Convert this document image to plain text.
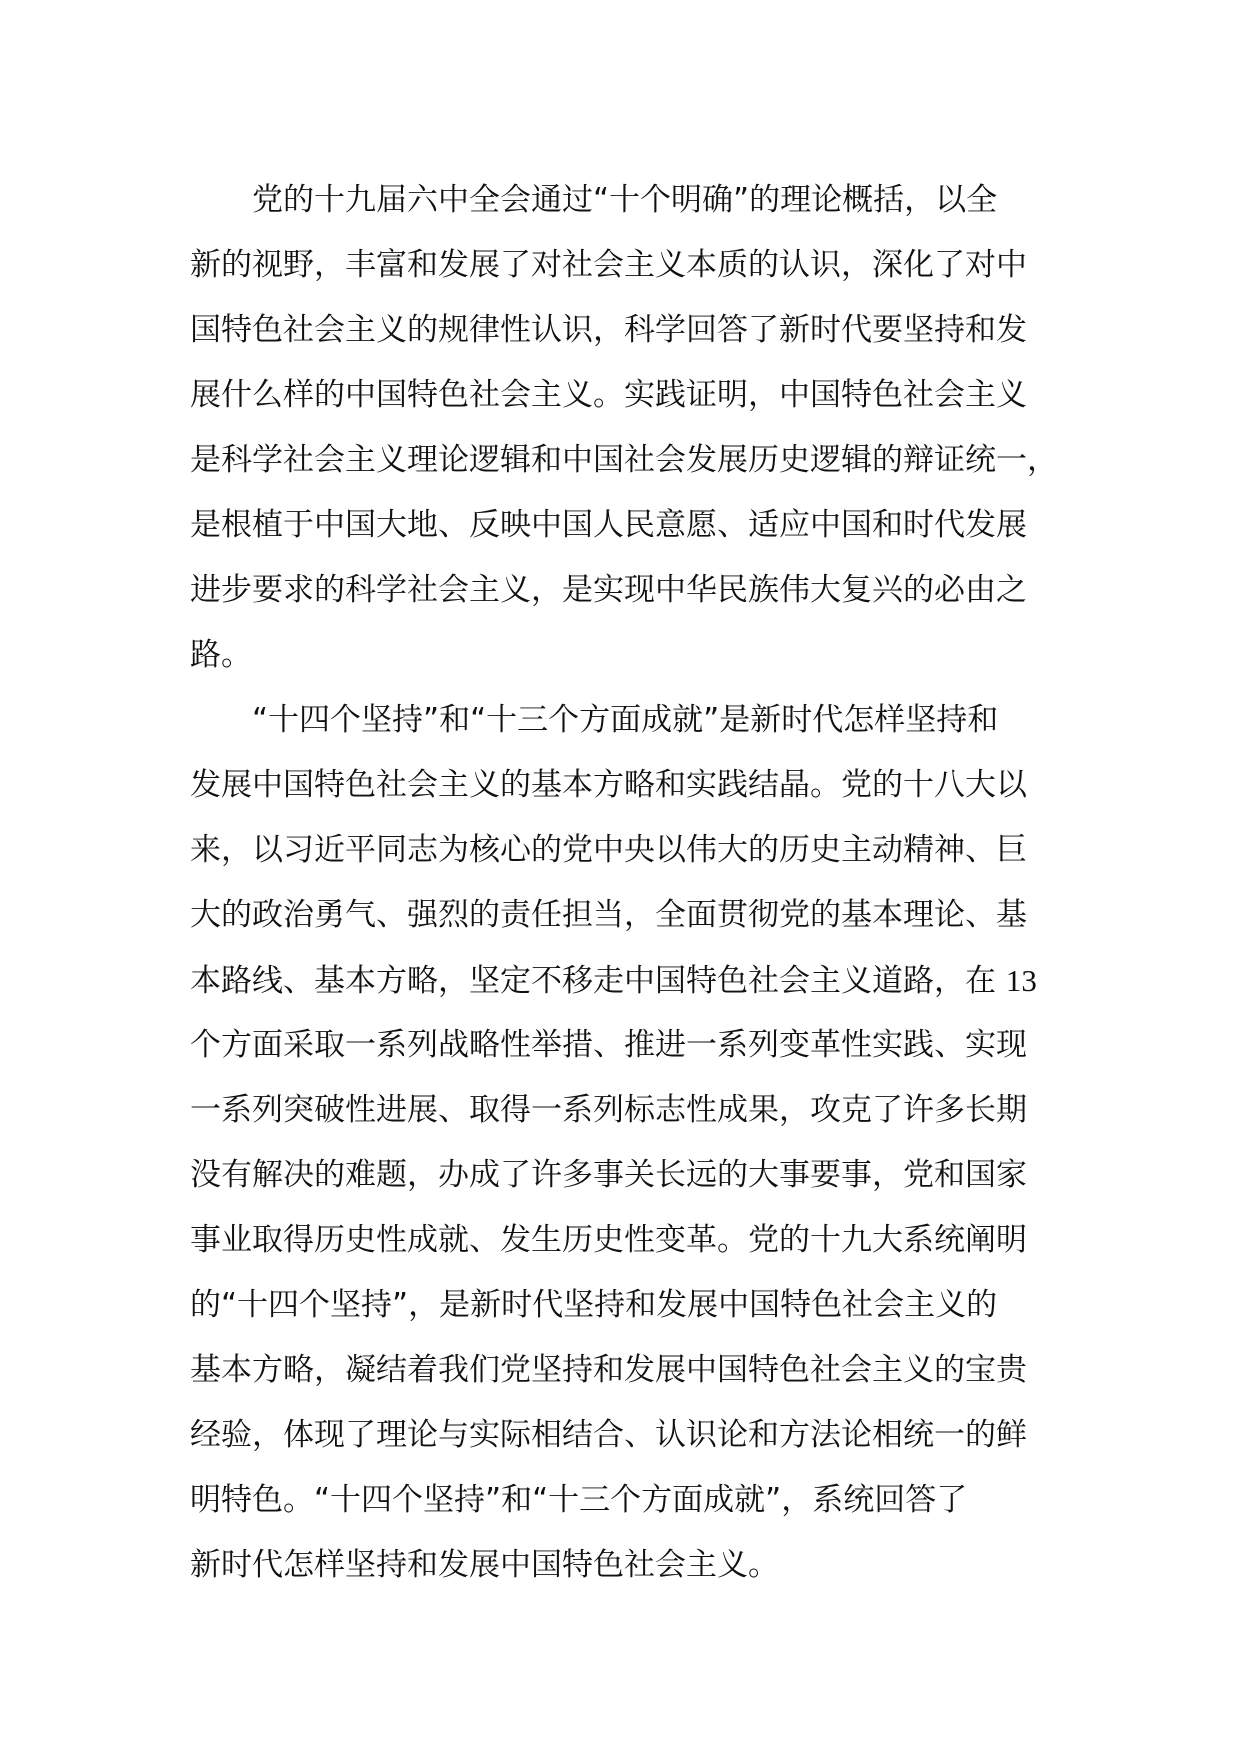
党的十九届六中全会通过“十个明确”的理论概括，以全
新的视野，丰富和发展了对社会主义本质的认识，深化了对中
国特色社会主义的规律性认识，科学回答了新时代要坚持和发
展什么样的中国特色社会主义。实践证明，中国特色社会主义
是科学社会主义理论逻辑和中国社会发展历史逻辑的辩证统一，
是根植于中国大地、反映中国人民意愿、适应中国和时代发展
进步要求的科学社会主义，是实现中华民族伟大复兴的必由之
路。
“十四个坚持”和“十三个方面成就”是新时代怎样坚持和
发展中国特色社会主义的基本方略和实践结晶。党的十八大以
来，以习近平同志为核心的党中央以伟大的历史主动精神、巨
大的政治勇气、强烈的责任担当，全面贯彻党的基本理论、基
本路线、基本方略，坚定不移走中国特色社会主义道路，在 13
个方面采取一系列战略性举措、推进一系列变革性实践、实现
一系列突破性进展、取得一系列标志性成果，攻克了许多长期
没有解决的难题，办成了许多事关长远的大事要事，党和国家
事业取得历史性成就、发生历史性变革。党的十九大系统阐明
的“十四个坚持”，是新时代坚持和发展中国特色社会主义的
基本方略，凝结着我们党坚持和发展中国特色社会主义的宝贵
经验，体现了理论与实际相结合、认识论和方法论相统一的鲜
明特色。“十四个坚持”和“十三个方面成就”，系统回答了
新时代怎样坚持和发展中国特色社会主义。
